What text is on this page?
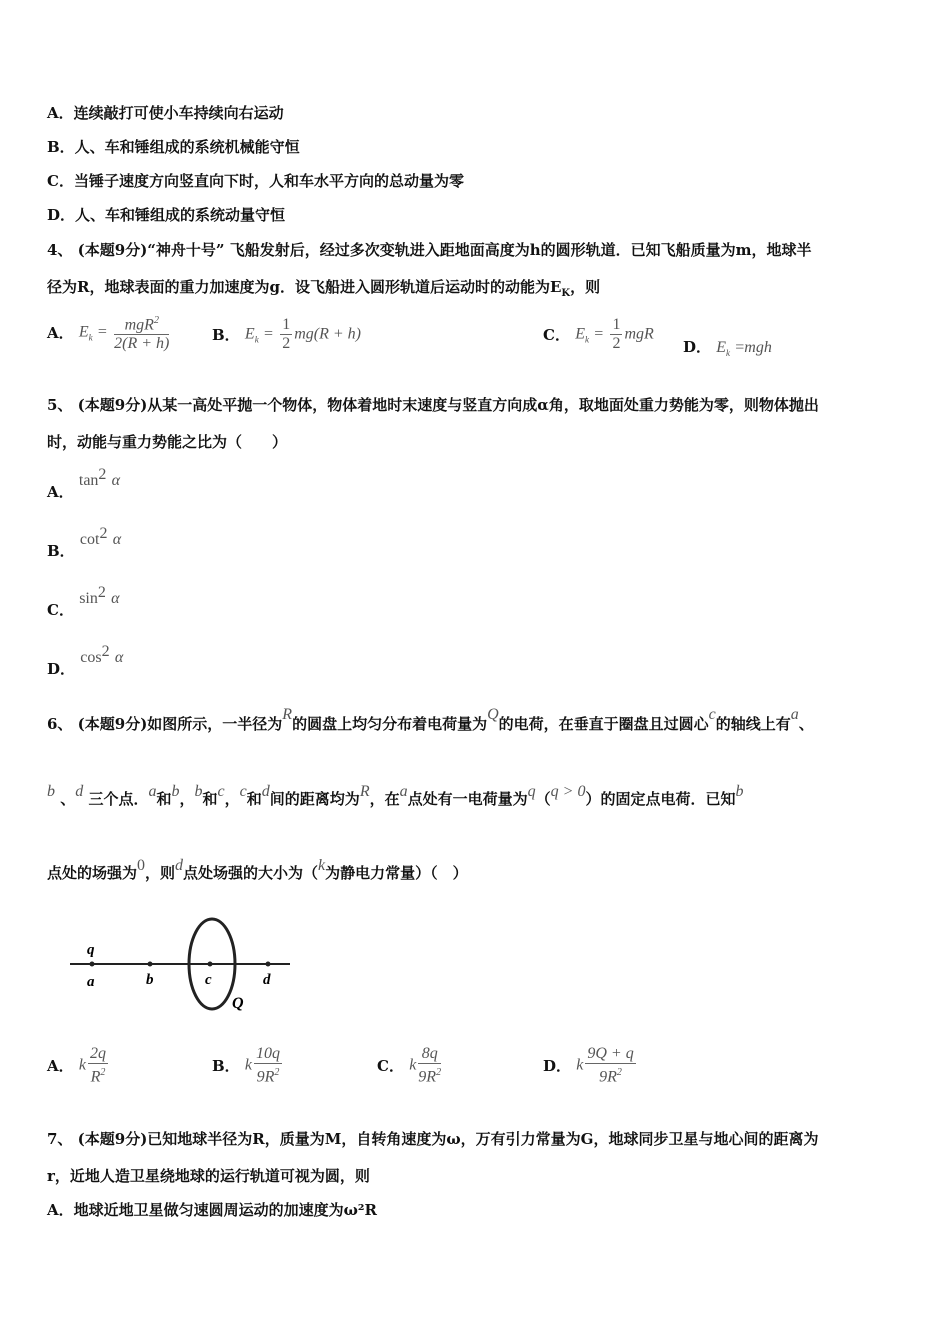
A．连续敲打可使小车持续向右运动
B．人、车和锤组成的系统机械能守恒
C．当锤子速度方向竖直向下时，人和车水平方向的总动量为零
D．人、车和锤组成的系统动量守恒
4、 (本题9分)“神舟十号” 飞船发射后，经过多次变轨进入距地面高度为h的圆形轨道．已知飞船质量为m，地球半
径为R，地球表面的重力加速度为g．设飞船进入圆形轨道后运动时的动能为$E_K$，则
A． $E_k = \frac{mgR^2}{2(R + h)}$	B． $E_k = \frac{1}{2} mg(R + h)$	C． $E_k = \frac{1}{2}$ mgR
D． $E_k =mgh$
5、 (本题9分)从某一高处平抛一个物体，物体着地时末速度与竖直方向成α角，取地面处重力势能为零，则物体抛出
时，动能与重力势能之比为（　　）
A． tan$^2$ α
B． cot$^2$ α
C． sin$^2$ α
D． cos$^2$ α
6、 (本题9分)如图所示，一半径为R的圆盘上均匀分布着电荷量为Q的电荷，在垂直于圈盘且过圆心c的轴线上有a、
b 、d 三个点．a和b，b和c，c和d间的距离均为R，在a点处有一电荷量为q（q > 0）的固定点电荷．已知b
点处的场强为0，则d点处场强的大小为（k为静电力常量）（　）
q
a	b	c	d
Q
A． k $\frac{2q}{R^2}$	B． k $\frac{10q}{9R^2}$	C． k $\frac{8q}{9R^2}$	D． k $\frac{9Q + q}{9R^2}$
7、 (本题9分)已知地球半径为R，质量为M，自转角速度为ω，万有引力常量为G，地球同步卫星与地心间的距离为
r，近地人造卫星绕地球的运行轨道可视为圆，则
A．地球近地卫星做匀速圆周运动的加速度为ω²R
